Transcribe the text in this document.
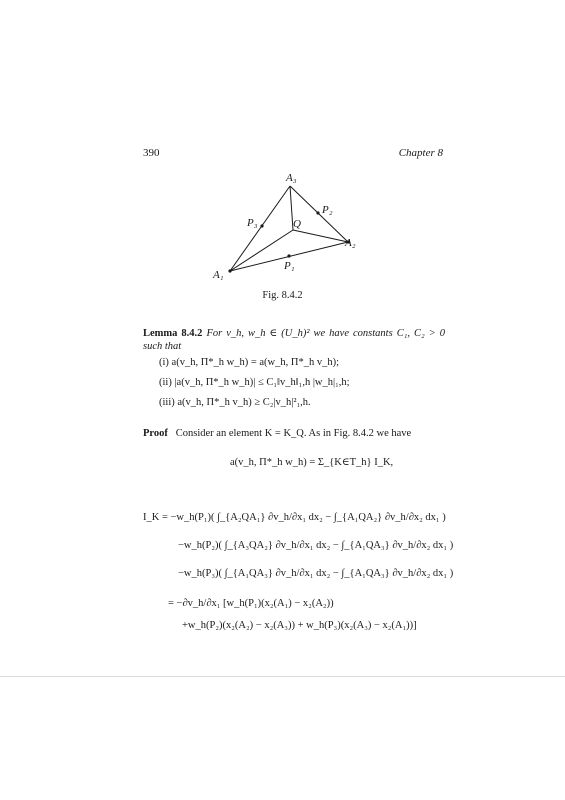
390	Chapter 8
A₃
P₂
P₃	Q
A₂
P₁
A₁
Fig. 8.4.2
Lemma 8.4.2 For v_h, w_h ∈ (U_h)² we have constants C₁, C₂ > 0 such that
(i) a(v_h, Π*_h w_h) = a(w_h, Π*_h v_h);
(ii) |a(v_h, Π*_h w_h)| ≤ C₁‖v_h‖₁,h |w_h|₁,h;
(iii) a(v_h, Π*_h v_h) ≥ C₂|v_h|²₁,h.
Proof Consider an element K = K_Q. As in Fig. 8.4.2 we have
a(v_h, Π*_h w_h) = Σ_{K∈T_h} I_K,
I_K = −w_h(P₁)( ∫_{A₂QA₁} ∂v_h/∂x₁ dx₂ − ∫_{A₁QA₂} ∂v_h/∂x₂ dx₁ )
−w_h(P₂)( ∫_{A₃QA₂} ∂v_h/∂x₁ dx₂ − ∫_{A₁QA₃} ∂v_h/∂x₂ dx₁ )
−w_h(P₃)( ∫_{A₁QA₃} ∂v_h/∂x₁ dx₂ − ∫_{A₁QA₃} ∂v_h/∂x₂ dx₁ )
= −∂v_h/∂x₁ [w_h(P₁)(x₂(A₁) − x₂(A₂))
+w_h(P₂)(x₂(A₂) − x₂(A₃)) + w_h(P₃)(x₂(A₃) − x₂(A₁))]
